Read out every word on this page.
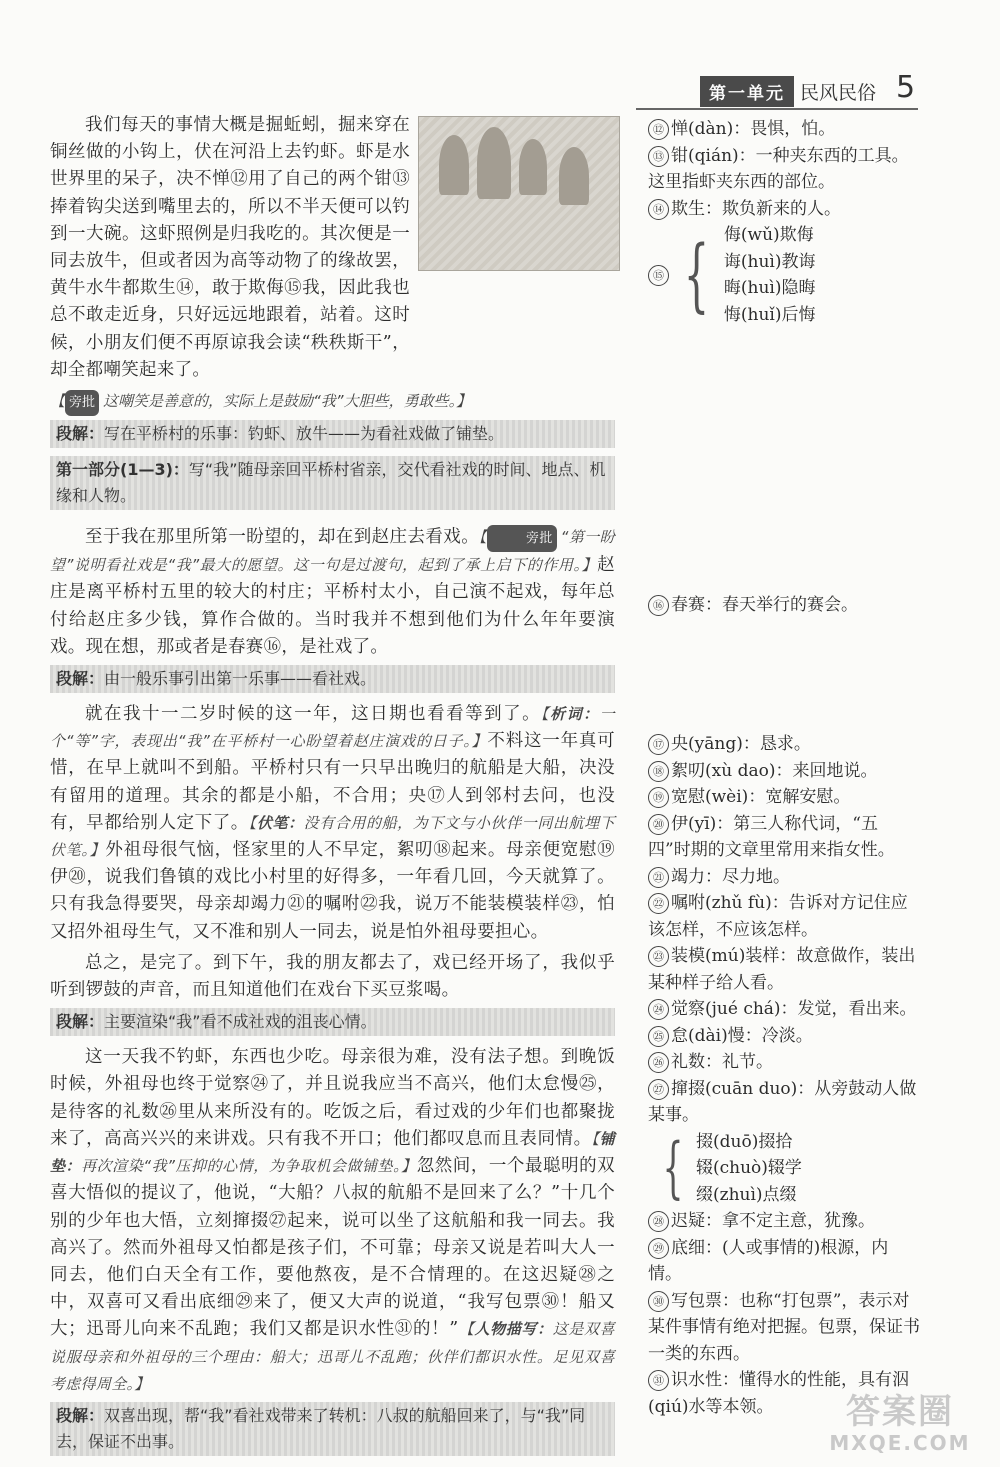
第一单元 民风民俗 5

我们每天的事情大概是掘蚯蚓，掘来穿在铜丝做的小钩上，伏在河沿上去钓虾。虾是水世界里的呆子，决不惮⑫用了自己的两个钳⑬捧着钩尖送到嘴里去的，所以不半天便可以钓到一大碗。这虾照例是归我吃的。其次便是一同去放牛，但或者因为高等动物了的缘故罢，黄牛水牛都欺生⑭，敢于欺侮⑮我，因此我也总不敢走近身，只好远远地跟着，站着。这时候，小朋友们便不再原谅我会读“秩秩斯干”，却全都嘲笑起来了。

【 旁批 这嘲笑是善意的，实际上是鼓励“我”大胆些，勇敢些。】
段解：写在平桥村的乐事：钓虾、放牛——为看社戏做了铺垫。
第一部分(1—3)：写“我”随母亲回平桥村省亲，交代看社戏的时间、地点、机缘和人物。

至于我在那里所第一盼望的，却在到赵庄去看戏。【	旁批 “第一盼望”说明看社戏是“我”最大的愿望。这一句是过渡句，起到了承上启下的作用。】赵庄是离平桥村五里的较大的村庄；平桥村太小，自己演不起戏，每年总付给赵庄多少钱，算作合做的。当时我并不想到他们为什么年年要演戏。现在想，那或者是春赛⑯，是社戏了。

段解：由一般乐事引出第一乐事——看社戏。

就在我十一二岁时候的这一年，这日期也看看等到了。【析词：一个“等”字，表现出“我”在平桥村一心盼望着赵庄演戏的日子。】不料这一年真可惜，在早上就叫不到船。平桥村只有一只早出晚归的航船是大船，决没有留用的道理。其余的都是小船，不合用；央⑰人到邻村去问，也没有，早都给别人定下了。【伏笔：没有合用的船，为下文与小伙伴一同出航埋下伏笔。】外祖母很气恼，怪家里的人不早定，絮叨⑱起来。母亲便宽慰⑲伊⑳，说我们鲁镇的戏比小村里的好得多，一年看几回，今天就算了。只有我急得要哭，母亲却竭力㉑的嘱咐㉒我，说万不能装模装样㉓，怕又招外祖母生气，又不准和别人一同去，说是怕外祖母要担心。

总之，是完了。到下午，我的朋友都去了，戏已经开场了，我似乎听到锣鼓的声音，而且知道他们在戏台下买豆浆喝。

段解：主要渲染“我”看不成社戏的沮丧心情。

这一天我不钓虾，东西也少吃。母亲很为难，没有法子想。到晚饭时候，外祖母也终于觉察㉔了，并且说我应当不高兴，他们太怠慢㉕，是待客的礼数㉖里从来所没有的。吃饭之后，看过戏的少年们也都聚拢来了，高高兴兴的来讲戏。只有我不开口；他们都叹息而且表同情。【铺垫：再次渲染“我”压抑的心情，为争取机会做铺垫。】忽然间，一个最聪明的双喜大悟似的提议了，他说，“大船？八叔的航船不是回来了么？”十几个别的少年也大悟，立刻撺掇㉗起来，说可以坐了这航船和我一同去。我高兴了。然而外祖母又怕都是孩子们，不可靠；母亲又说是若叫大人一同去，他们白天全有工作，要他熬夜，是不合情理的。在这迟疑㉘之中，双喜可又看出底细㉙来了，便又大声的说道，“我写包票㉚！船又大；迅哥儿向来不乱跑；我们又都是识水性㉛的！”【人物描写：这是双喜说服母亲和外祖母的三个理由：船大；迅哥儿不乱跑；伙伴们都识水性。足见双喜考虑得周全。】

段解：双喜出现，帮“我”看社戏带来了转机：八叔的航船回来了，与“我”同去，保证不出事。

⑫ 惮(dàn)：畏惧，怕。

⑬ 钳(qián)：一种夹东西的工具。这里指虾夹东西的部位。

⑭ 欺生：欺负新来的人。

⑮ { 侮(wǔ)欺侮
诲(huì)教诲
晦(huì)隐晦
悔(huǐ)后悔

⑯ 春赛：春天举行的赛会。

⑰ 央(yāng)：恳求。

⑱ 絮叨(xù dao)：来回地说。

⑲ 宽慰(wèi)：宽解安慰。

⑳ 伊(yī)：第三人称代词，“五四”时期的文章里常用来指女性。

㉑ 竭力：尽力地。

㉒ 嘱咐(zhǔ fù)：告诉对方记住应该怎样，不应该怎样。

㉓ 装模(mú)装样：故意做作，装出某种样子给人看。

㉔ 觉察(jué chá)：发觉，看出来。

㉕ 怠(dài)慢：冷淡。

㉖ 礼数：礼节。

㉗ 撺掇(cuān duo)：从旁鼓动人做某事。

{ 掇(duō)掇拾
辍(chuò)辍学
缀(zhuì)点缀

㉘ 迟疑：拿不定主意，犹豫。

㉙ 底细：(人或事情的)根源，内情。

㉚ 写包票：也称“打包票”，表示对某件事情有绝对把握。包票，保证书一类的东西。

㉛ 识水性：懂得水的性能，具有泅(qiú)水等本领。	答案圈
MXQE.COM
